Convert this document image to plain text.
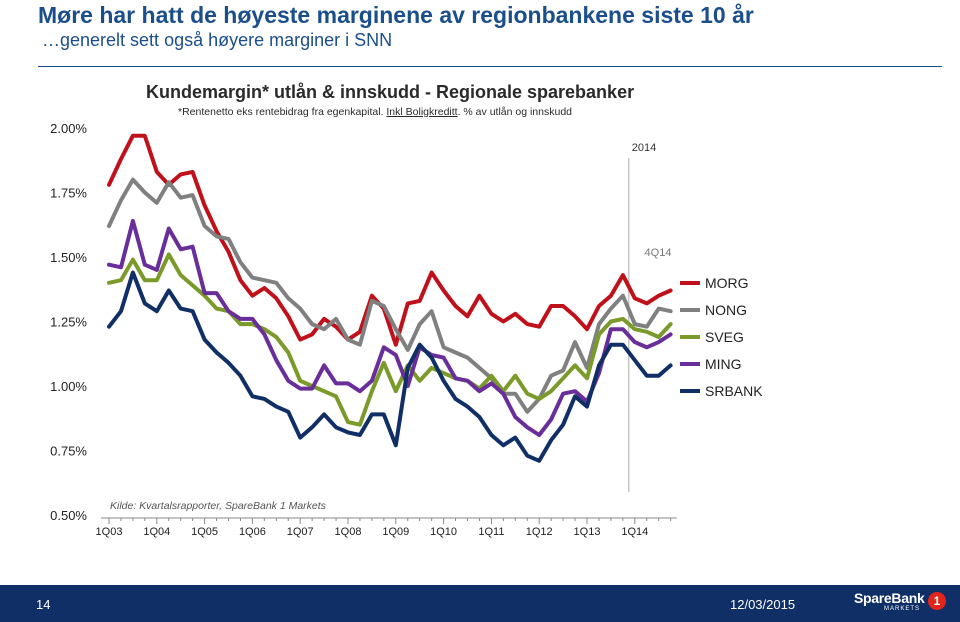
Møre har hatt de høyeste marginene av regionbankene siste 10 år
…generelt sett også høyere marginer i SNN
Kundemargin* utlån & innskudd - Regionale sparebanker
*Rentenetto eks rentebidrag fra egenkapital. Inkl Boligkreditt. % av utlån og innskudd
0.50%
0.75%
1.00%
1.25%
1.50%
1.75%
2.00%
1Q03 1Q04 1Q05 1Q06 1Q07 1Q08 1Q09 1Q10 1Q11 1Q12 1Q13 1Q14
2014
4Q14
MORG
NONG
SVEG
MING
SRBANK
Kilde: Kvartalsrapporter, SpareBank 1 Markets
14	12/03/2015	SpareBank
MARKETS
1
